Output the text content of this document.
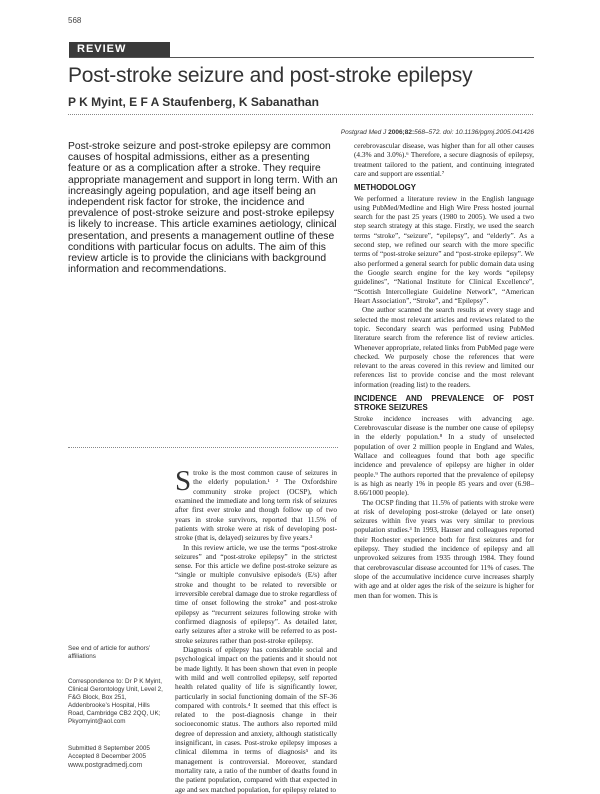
568
REVIEW
Post-stroke seizure and post-stroke epilepsy
P K Myint, E F A Staufenberg, K Sabanathan
Postgrad Med J 2006;82:568–572. doi: 10.1136/pgmj.2005.041426
Post-stroke seizure and post-stroke epilepsy are common causes of hospital admissions, either as a presenting feature or as a complication after a stroke. They require appropriate management and support in long term. With an increasingly ageing population, and age itself being an independent risk factor for stroke, the incidence and prevalence of post-stroke seizure and post-stroke epilepsy is likely to increase. This article examines aetiology, clinical presentation, and presents a management outline of these conditions with particular focus on adults. The aim of this review article is to provide the clinicians with background information and recommendations.

Stroke is the most common cause of seizures in the elderly population.¹ ² The Oxfordshire community stroke project (OCSP), which examined the immediate and long term risk of seizures after first ever stroke and though follow up of two years in stroke survivors, reported that 11.5% of patients with stroke were at risk of developing post-stroke (that is, delayed) seizures by five years.³

In this review article, we use the terms “post-stroke seizures” and “post-stroke epilepsy” in the strictest sense. For this article we define post-stroke seizure as “single or multiple convulsive episode/s (E/s) after stroke and thought to be related to reversible or irreversible cerebral damage due to stroke regardless of time of onset following the stroke” and post-stroke epilepsy as “recurrent seizures following stroke with confirmed diagnosis of epilepsy”. As detailed later, early seizures after a stroke will be referred to as post-stroke seizures rather than post-stroke epilepsy.

Diagnosis of epilepsy has considerable social and psychological impact on the patients and it should not be made lightly. It has been shown that even in people with mild and well controlled epilepsy, self reported health related quality of life is significantly lower, particularly in social functioning domain of the SF-36 compared with controls.⁴ It seemed that this effect is related to the post-diagnosis change in their socioeconomic status. The authors also reported mild degree of depression and anxiety, although statistically insignificant, in cases. Post-stroke epilepsy imposes a clinical dilemma in terms of diagnosis⁵ and its management is controversial. Moreover, standard mortality rate, a ratio of the number of deaths found in the patient population, compared with that expected in age and sex matched population, for epilepsy related to

cerebrovascular disease, was higher than for all other causes (4.3% and 3.0%).⁶ Therefore, a secure diagnosis of epilepsy, treatment tailored to the patient, and continuing integrated care and support are essential.⁷

METHODOLOGY

We performed a literature review in the English language using PubMed/Medline and High Wire Press hosted journal search for the past 25 years (1980 to 2005). We used a two step search strategy at this stage. Firstly, we used the search terms “stroke”, “seizure”, “epilepsy”, and “elderly”. As a second step, we refined our search with the more specific terms of “post-stroke seizure” and “post-stroke epilepsy”. We also performed a general search for public domain data using the Google search engine for the key words “epilepsy guidelines”, “National Institute for Clinical Excellence”, “Scottish Intercollegiate Guideline Network”, “American Heart Association”, “Stroke”, and “Epilepsy”.

One author scanned the search results at every stage and selected the most relevant articles and reviews related to the topic. Secondary search was performed using PubMed literature search from the reference list of review articles. Whenever appropriate, related links from PubMed page were checked. We purposely chose the references that were relevant to the areas covered in this review and limited our references list to provide concise and the most relevant information (reading list) to the readers.

INCIDENCE AND PREVALENCE OF POST STROKE SEIZURES

Stroke incidence increases with advancing age. Cerebrovascular disease is the number one cause of epilepsy in the elderly population.⁸ In a study of unselected population of over 2 million people in England and Wales, Wallace and colleagues found that both age specific incidence and prevalence of epilepsy are higher in older people.⁹ The authors reported that the prevalence of epilepsy is as high as nearly 1% in people 85 years and over (6.98–8.66/1000 people).

The OCSP finding that 11.5% of patients with stroke were at risk of developing post-stroke (delayed or late onset) seizures within five years was very similar to previous population studies.³ In 1993, Hauser and colleagues reported their Rochester experience both for first seizures and for epilepsy. They studied the incidence of epilepsy and all unprovoked seizures from 1935 through 1984. They found that cerebrovascular disease accounted for 11% of cases. The slope of the accumulative incidence curve increases sharply with age and at older ages the risk of the seizure is higher for men than for women. This is

See end of article for authors’ affiliations
Correspondence to: Dr P K Myint, Clinical Gerontology Unit, Level 2, F&G Block, Box 251, Addenbrooke’s Hospital, Hills Road, Cambridge CB2 2QQ, UK; Pkyomyint@aol.com
Submitted 8 September 2005 Accepted 8 December 2005
www.postgradmedj.com
